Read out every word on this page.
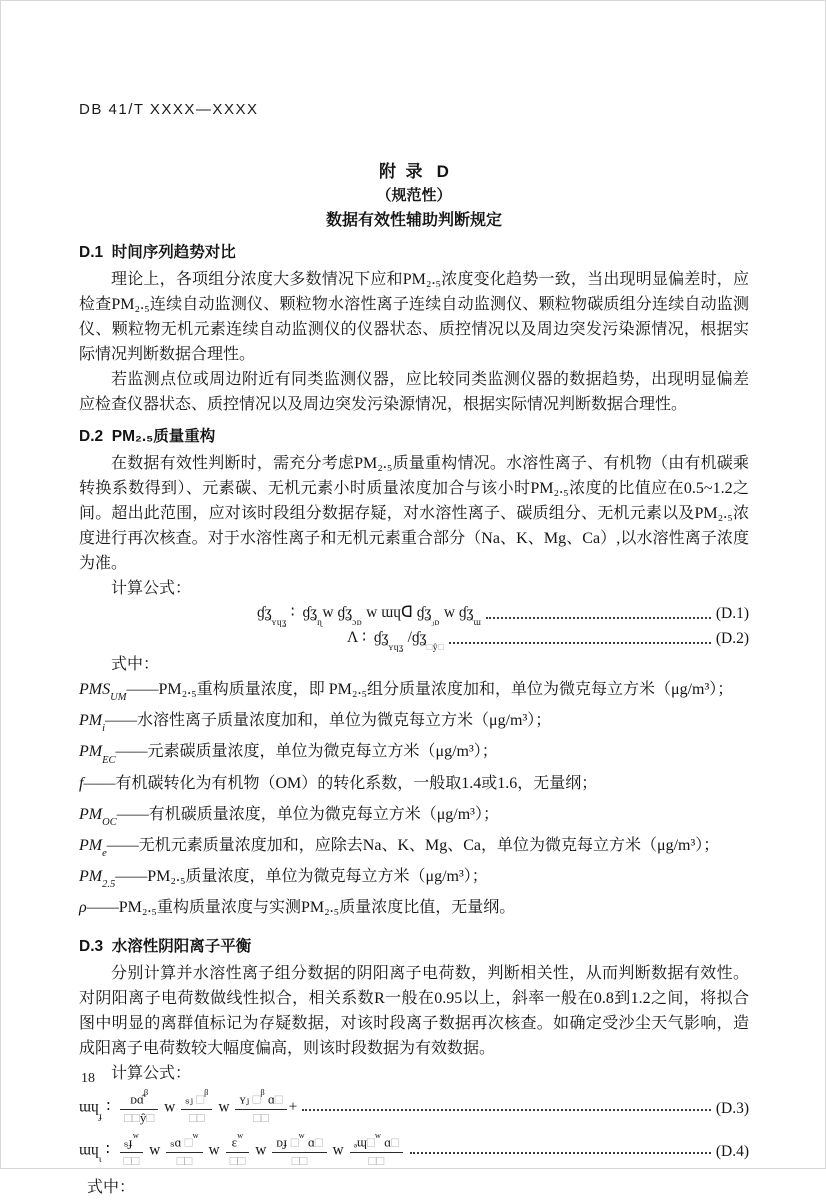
DB 41/T XXXX—XXXX
附  录   D
（规范性）
数据有效性辅助判断规定
D.1  时间序列趋势对比

理论上，各项组分浓度大多数情况下应和PM₂.₅浓度变化趋势一致，当出现明显偏差时，应检查PM₂.₅连续自动监测仪、颗粒物水溶性离子连续自动监测仪、颗粒物碳质组分连续自动监测仪、颗粒物无机元素连续自动监测仪的仪器状态、质控情况以及周边突发污染源情况，根据实际情况判断数据合理性。

若监测点位或周边附近有同类监测仪器，应比较同类监测仪器的数据趋势，出现明显偏差应检查仪器状态、质控情况以及周边突发污染源情况，根据实际情况判断数据合理性。

D.2  PM₂.₅质量重构

在数据有效性判断时，需充分考虑PM₂.₅质量重构情况。水溶性离子、有机物（由有机碳乘转换系数得到）、元素碳、无机元素小时质量浓度加合与该小时PM₂.₅浓度的比值应在0.5~1.2之间。超出此范围，应对该时段组分数据存疑，对水溶性离子、碳质组分、无机元素以及PM₂.₅浓度进行再次核查。对于水溶性离子和无机元素重合部分（Na、K、Mg、Ca）,以水溶性离子浓度为准。

计算公式：

ɠʓ$_{ʏɥʓ}$ ∶  ɠʓ$_ɳ$w ɠʓ$_{ɔᴅ}$ w ɯɥꓷ ɠʓ$_{ⱼᴅ}$ w ɠʓ$_ɯ$
(D.1)
Ʌ ∶  ɠʓ$_{ʏɥʓ}$ /ɠʓ$_{□ŷ□}$
(D.2)

式中：

$PMS_{UM}——PM_2._5$重构质量浓度，即 PM₂.₅组分质量浓度加和，单位为微克每立方米（μg/m³）；
$PM_i——$水溶性离子质量浓度加和，单位为微克每立方米（μg/m³）；
$PM_{EC}——$元素碳质量浓度，单位为微克每立方米（μg/m³）；
f——有机碳转化为有机物（OM）的转化系数，一般取1.4或1.6，无量纲；
$PM_{OC}——$有机碳质量浓度，单位为微克每立方米（μg/m³）；
$PM_e——$无机元素质量浓度加和，应除去Na、K、Mg、Ca，单位为微克每立方米（μg/m³）；
$PM_{2.5}——PM_2._5$质量浓度，单位为微克每立方米（μg/m³）；
ρ——PM₂.₅重构质量浓度与实测PM₂.₅质量浓度比值，无量纲。
D.3  水溶性阴阳离子平衡

分别计算并水溶性离子组分数据的阴阳离子电荷数，判断相关性，从而判断数据有效性。对阴阳离子电荷数做线性拟合，相关系数R一般在0.95以上，斜率一般在0.8到1.2之间，将拟合图中明显的离群值标记为存疑数据，对该时段离子数据再次核查。如确定受沙尘天气影响，造成阳离子电荷数较大幅度偏高，则该时段数据为有效数据。

计算公式：

ɯɥ$_ɟ$ ∶ $\frac{ᴅɑ̂^\beta}{□□ŷ□}$ w $\frac{_sⱼ □^\beta}{□□}$ w $\frac{ʏⱼ □^\beta ɑ□}{□□}$ +	(D.3)
ɯɥ$_ɩ$ ∶ $\frac{_sɟ^w}{□□}$ w $\frac{_sɑ □^w}{□□}$ w $\frac{ɛ^w}{□□}$ w $\frac{ᴅɟ □^w ɑ□}{□□}$ w $\frac{ₔɰ□^w ɑ□}{□□}$	(D.4)

式中：

18
